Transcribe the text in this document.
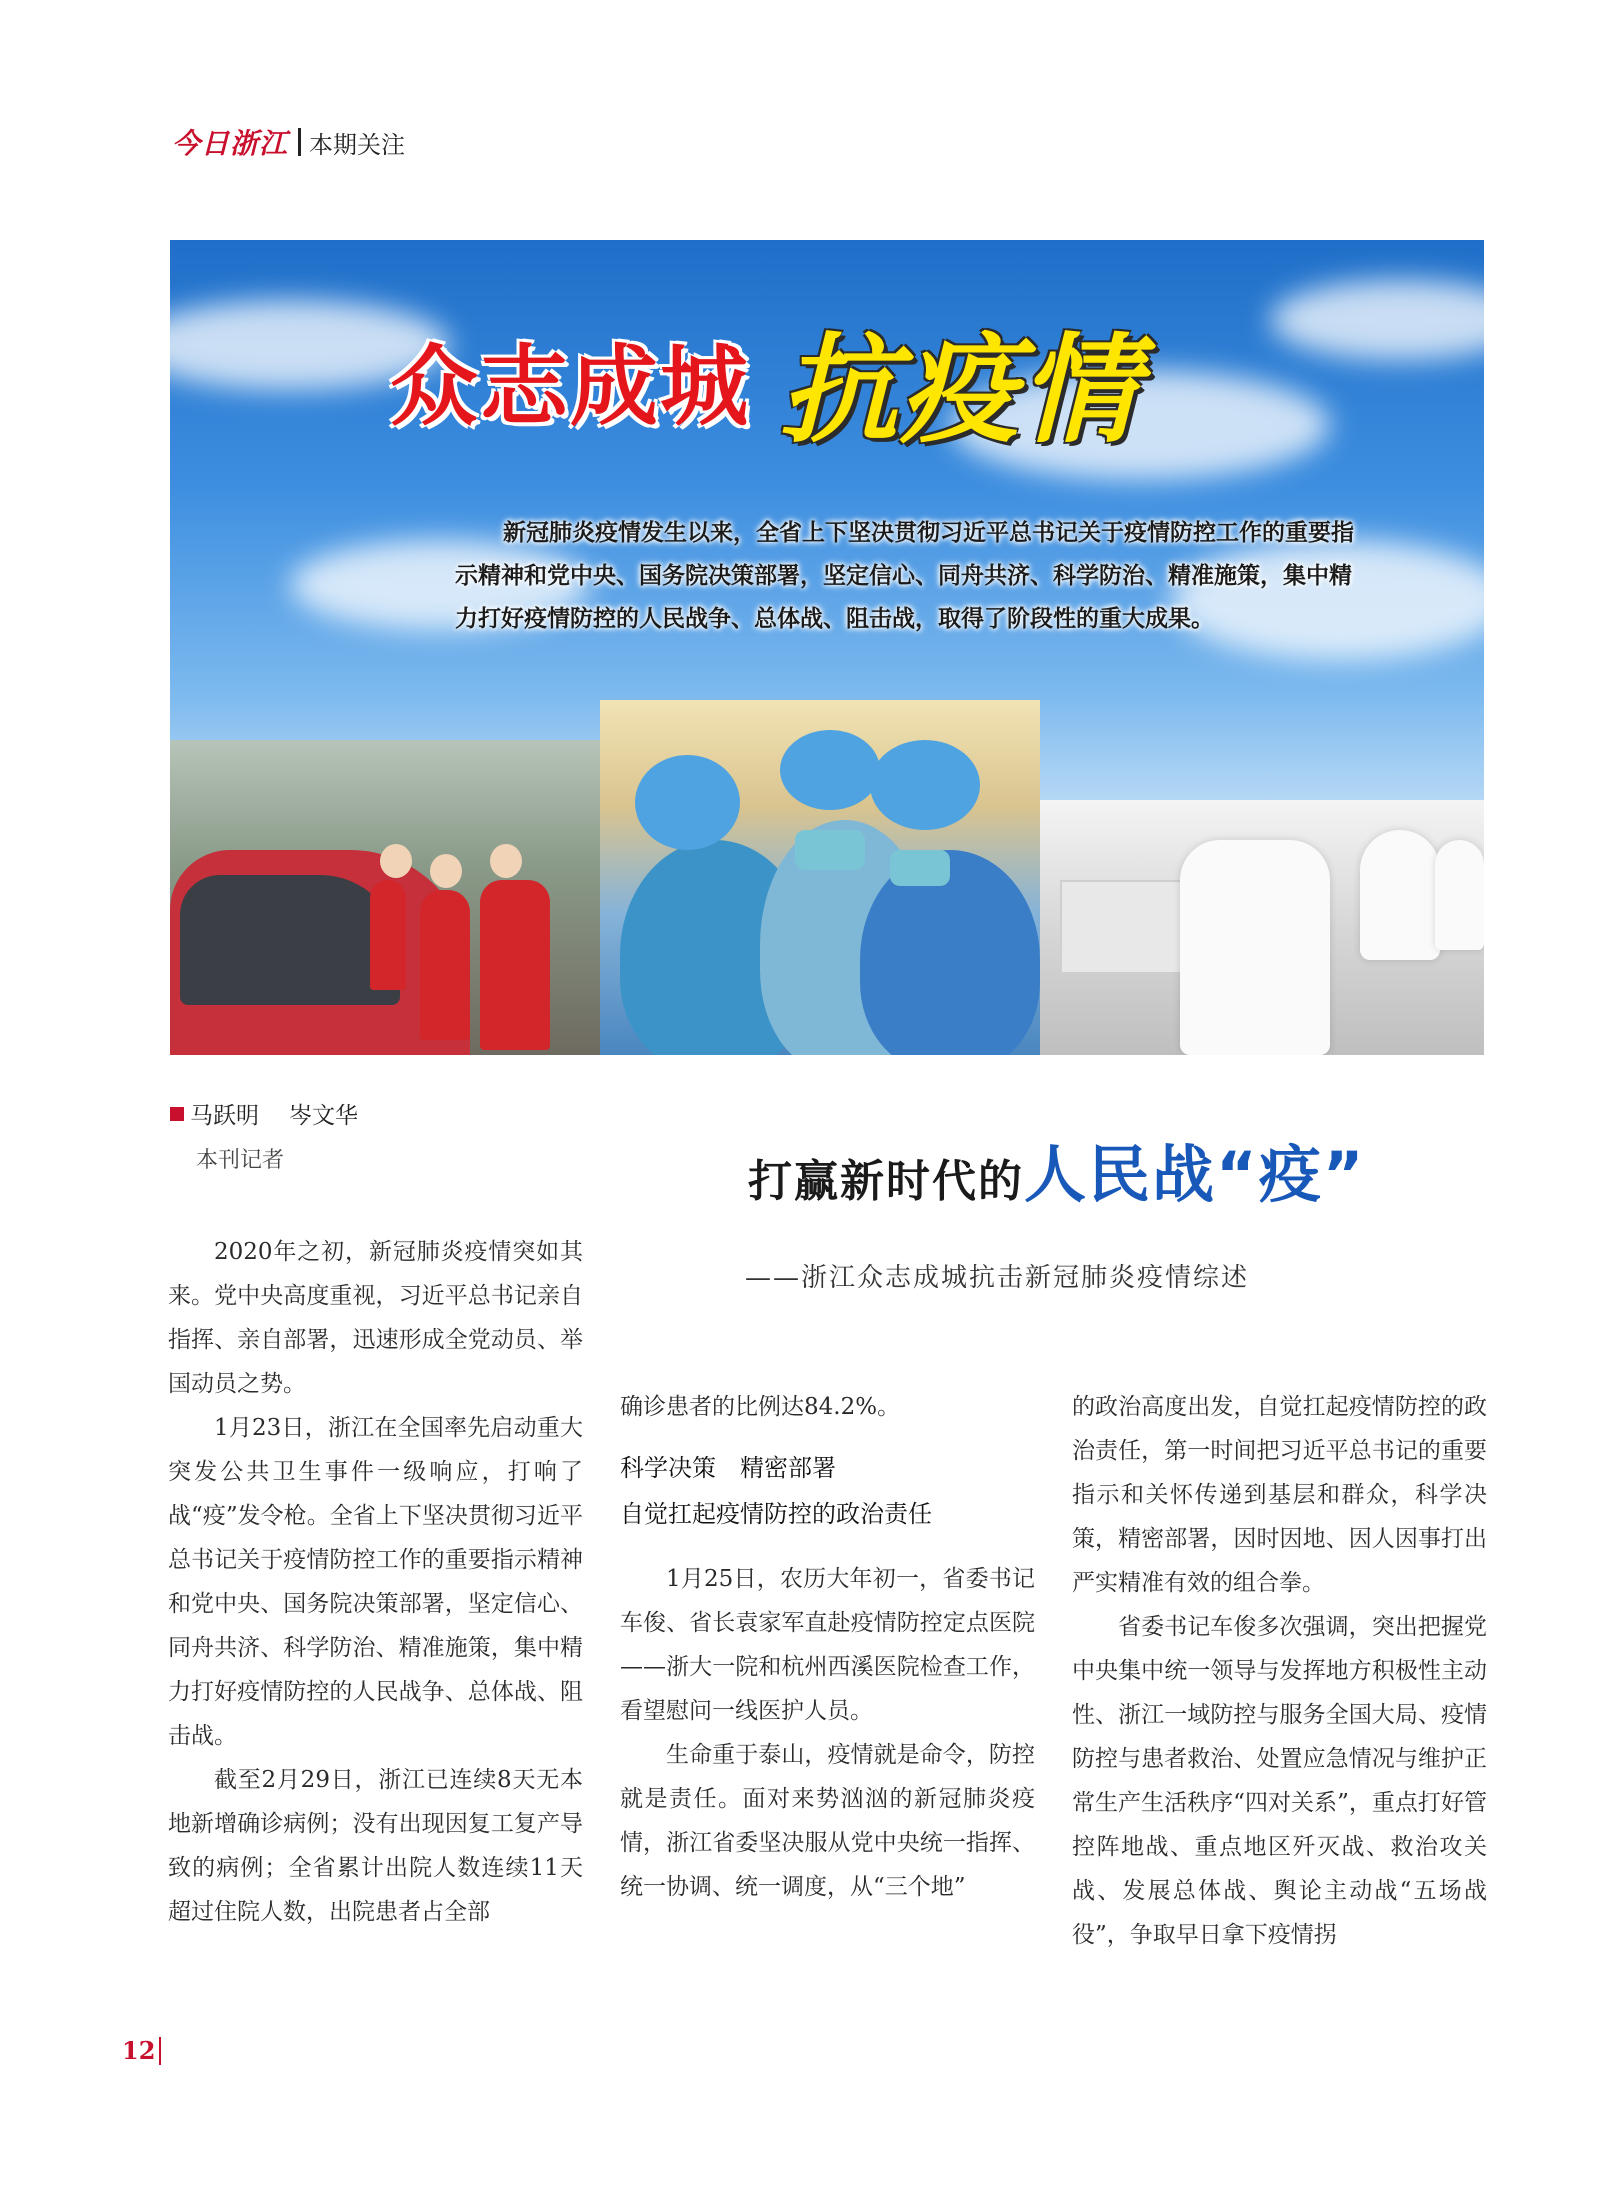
今日浙江 本期关注
众志成城 抗疫情
新冠肺炎疫情发生以来，全省上下坚决贯彻习近平总书记关于疫情防控工作的重要指示精神和党中央、国务院决策部署，坚定信心、同舟共济、科学防治、精准施策，集中精力打好疫情防控的人民战争、总体战、阻击战，取得了阶段性的重大成果。
马跃明 岑文华
本刊记者	打赢新时代的 人民战“疫”
——浙江众志成城抗击新冠肺炎疫情综述

2020年之初，新冠肺炎疫情突如其来。党中央高度重视，习近平总书记亲自指挥、亲自部署，迅速形成全党动员、举国动员之势。

1月23日，浙江在全国率先启动重大突发公共卫生事件一级响应，打响了战“疫”发令枪。全省上下坚决贯彻习近平总书记关于疫情防控工作的重要指示精神和党中央、国务院决策部署，坚定信心、同舟共济、科学防治、精准施策，集中精力打好疫情防控的人民战争、总体战、阻击战。

截至2月29日，浙江已连续8天无本地新增确诊病例；没有出现因复工复产导致的病例；全省累计出院人数连续11天超过住院人数，出院患者占全部

确诊患者的比例达84.2%。

科学决策　精密部署
自觉扛起疫情防控的政治责任

1月25日，农历大年初一，省委书记车俊、省长袁家军直赴疫情防控定点医院——浙大一院和杭州西溪医院检查工作，看望慰问一线医护人员。

生命重于泰山，疫情就是命令，防控就是责任。面对来势汹汹的新冠肺炎疫情，浙江省委坚决服从党中央统一指挥、统一协调、统一调度，从“三个地”

的政治高度出发，自觉扛起疫情防控的政治责任，第一时间把习近平总书记的重要指示和关怀传递到基层和群众，科学决策，精密部署，因时因地、因人因事打出严实精准有效的组合拳。

省委书记车俊多次强调，突出把握党中央集中统一领导与发挥地方积极性主动性、浙江一域防控与服务全国大局、疫情防控与患者救治、处置应急情况与维护正常生产生活秩序“四对关系”，重点打好管控阵地战、重点地区歼灭战、救治攻关战、发展总体战、舆论主动战“五场战役”，争取早日拿下疫情拐

12
